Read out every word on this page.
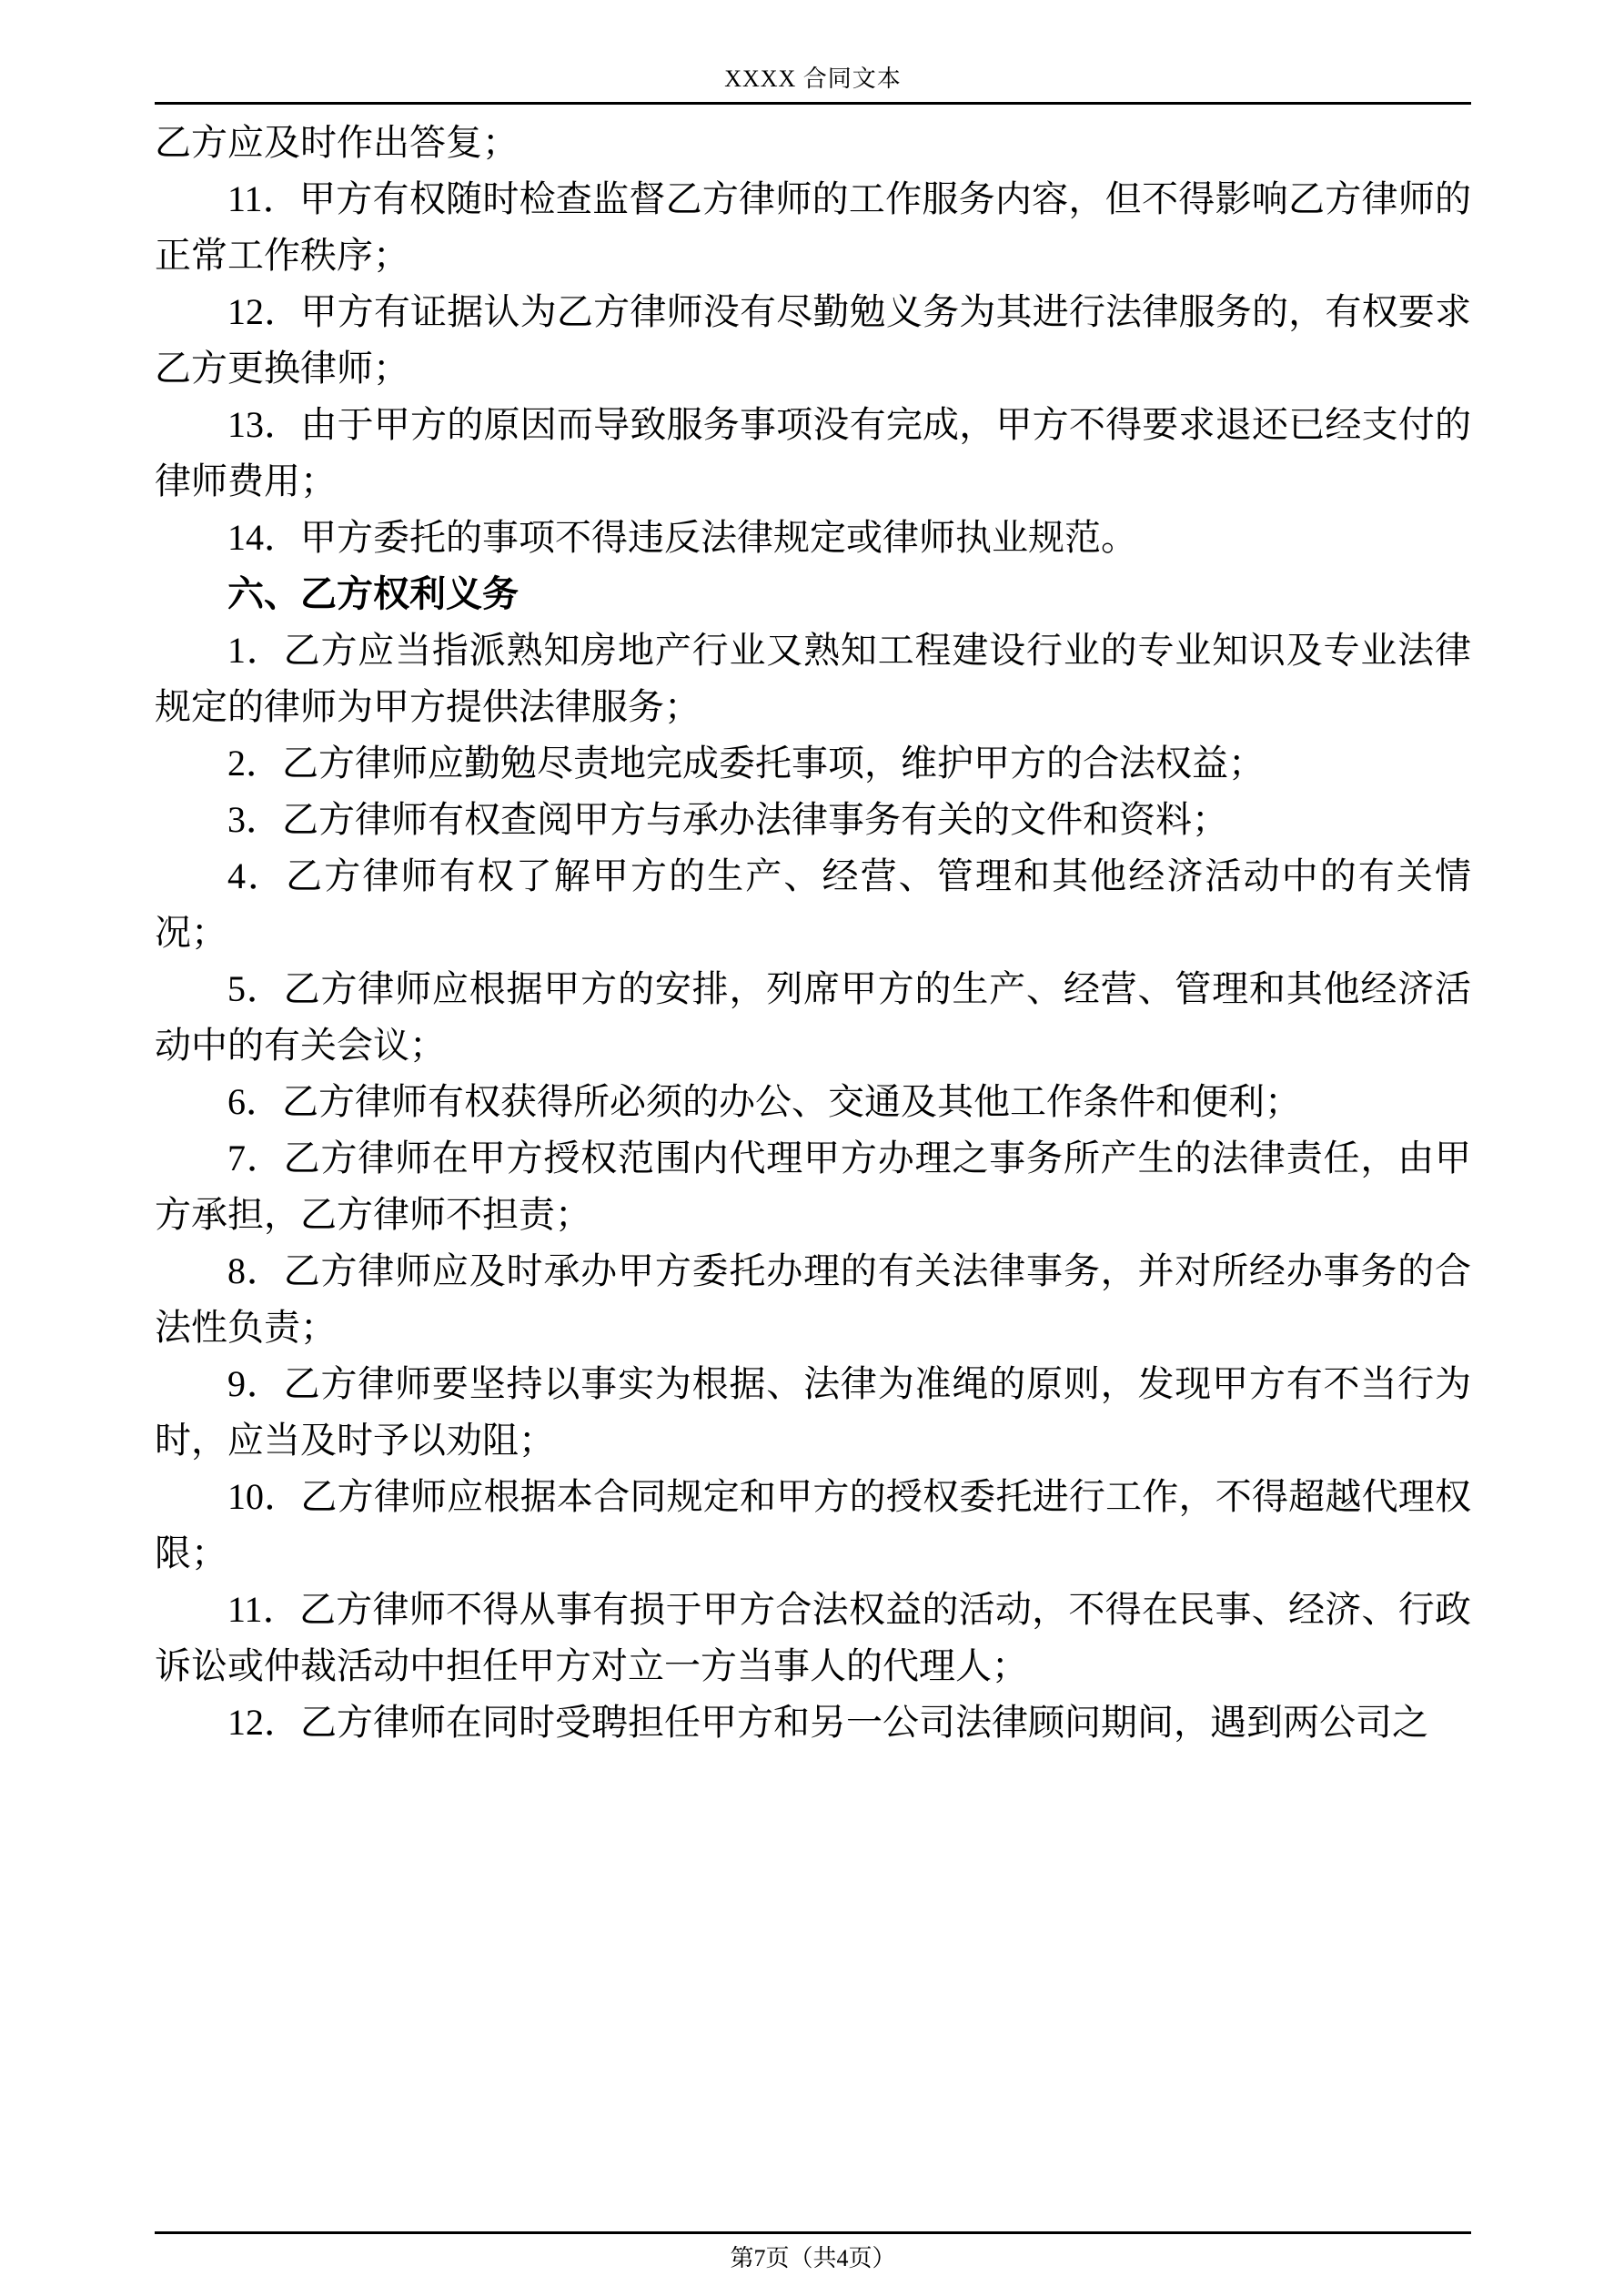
XXXX 合同文本

乙方应及时作出答复；

11．甲方有权随时检查监督乙方律师的工作服务内容，但不得影响乙方律师的正常工作秩序；

12．甲方有证据认为乙方律师没有尽勤勉义务为其进行法律服务的，有权要求乙方更换律师；

13．由于甲方的原因而导致服务事项没有完成，甲方不得要求退还已经支付的律师费用；

14．甲方委托的事项不得违反法律规定或律师执业规范。

六、乙方权利义务

1．乙方应当指派熟知房地产行业又熟知工程建设行业的专业知识及专业法律规定的律师为甲方提供法律服务；

2．乙方律师应勤勉尽责地完成委托事项，维护甲方的合法权益；

3．乙方律师有权查阅甲方与承办法律事务有关的文件和资料；

4．乙方律师有权了解甲方的生产、经营、管理和其他经济活动中的有关情况；

5．乙方律师应根据甲方的安排，列席甲方的生产、经营、管理和其他经济活动中的有关会议；

6．乙方律师有权获得所必须的办公、交通及其他工作条件和便利；

7．乙方律师在甲方授权范围内代理甲方办理之事务所产生的法律责任，由甲方承担，乙方律师不担责；

8．乙方律师应及时承办甲方委托办理的有关法律事务，并对所经办事务的合法性负责；

9．乙方律师要坚持以事实为根据、法律为准绳的原则，发现甲方有不当行为时，应当及时予以劝阻；

10．乙方律师应根据本合同规定和甲方的授权委托进行工作，不得超越代理权限；

11．乙方律师不得从事有损于甲方合法权益的活动，不得在民事、经济、行政诉讼或仲裁活动中担任甲方对立一方当事人的代理人；

12．乙方律师在同时受聘担任甲方和另一公司法律顾问期间，遇到两公司之

第7页（共4页）
